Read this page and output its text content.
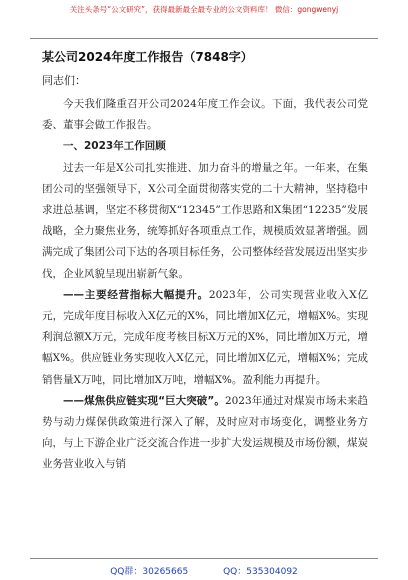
关注头条号“公文研究”，获得最新最全最专业的公文资料库！ 微信：gongwenyj
某公司2024年度工作报告（7848字）
同志们：

今天我们隆重召开公司2024年度工作会议。下面，我代表公司党委、董事会做工作报告。

一、2023年工作回顾

过去一年是X公司扎实推进、加力奋斗的增量之年。一年来，在集团公司的坚强领导下，X公司全面贯彻落实党的二十大精神，坚持稳中求进总基调，坚定不移贯彻X“12345”工作思路和X集团“12235”发展战略，全力聚焦业务，统筹抓好各项重点工作，规模质效显著增强。圆满完成了集团公司下达的各项目标任务，公司整体经营发展迈出坚实步伐，企业风貌呈现出崭新气象。

——主要经营指标大幅提升。2023年，公司实现营业收入X亿元，完成年度目标收入X亿元的X%，同比增加X亿元，增幅X%。实现利润总额X万元，完成年度考核目标X万元的X%，同比增加X万元，增幅X%。供应链业务实现收入X亿元，同比增加X亿元，增幅X%；完成销售量X万吨，同比增加X万吨，增幅X%。盈利能力再提升。

——煤焦供应链实现“巨大突破”。2023年通过对煤炭市场未来趋势与动力煤保供政策进行深入了解，及时应对市场变化，调整业务方向，与上下游企业广泛交流合作进一步扩大发运规模及市场份额，煤炭业务营业收入与销

QQ群：30265665	QQ：535304092
